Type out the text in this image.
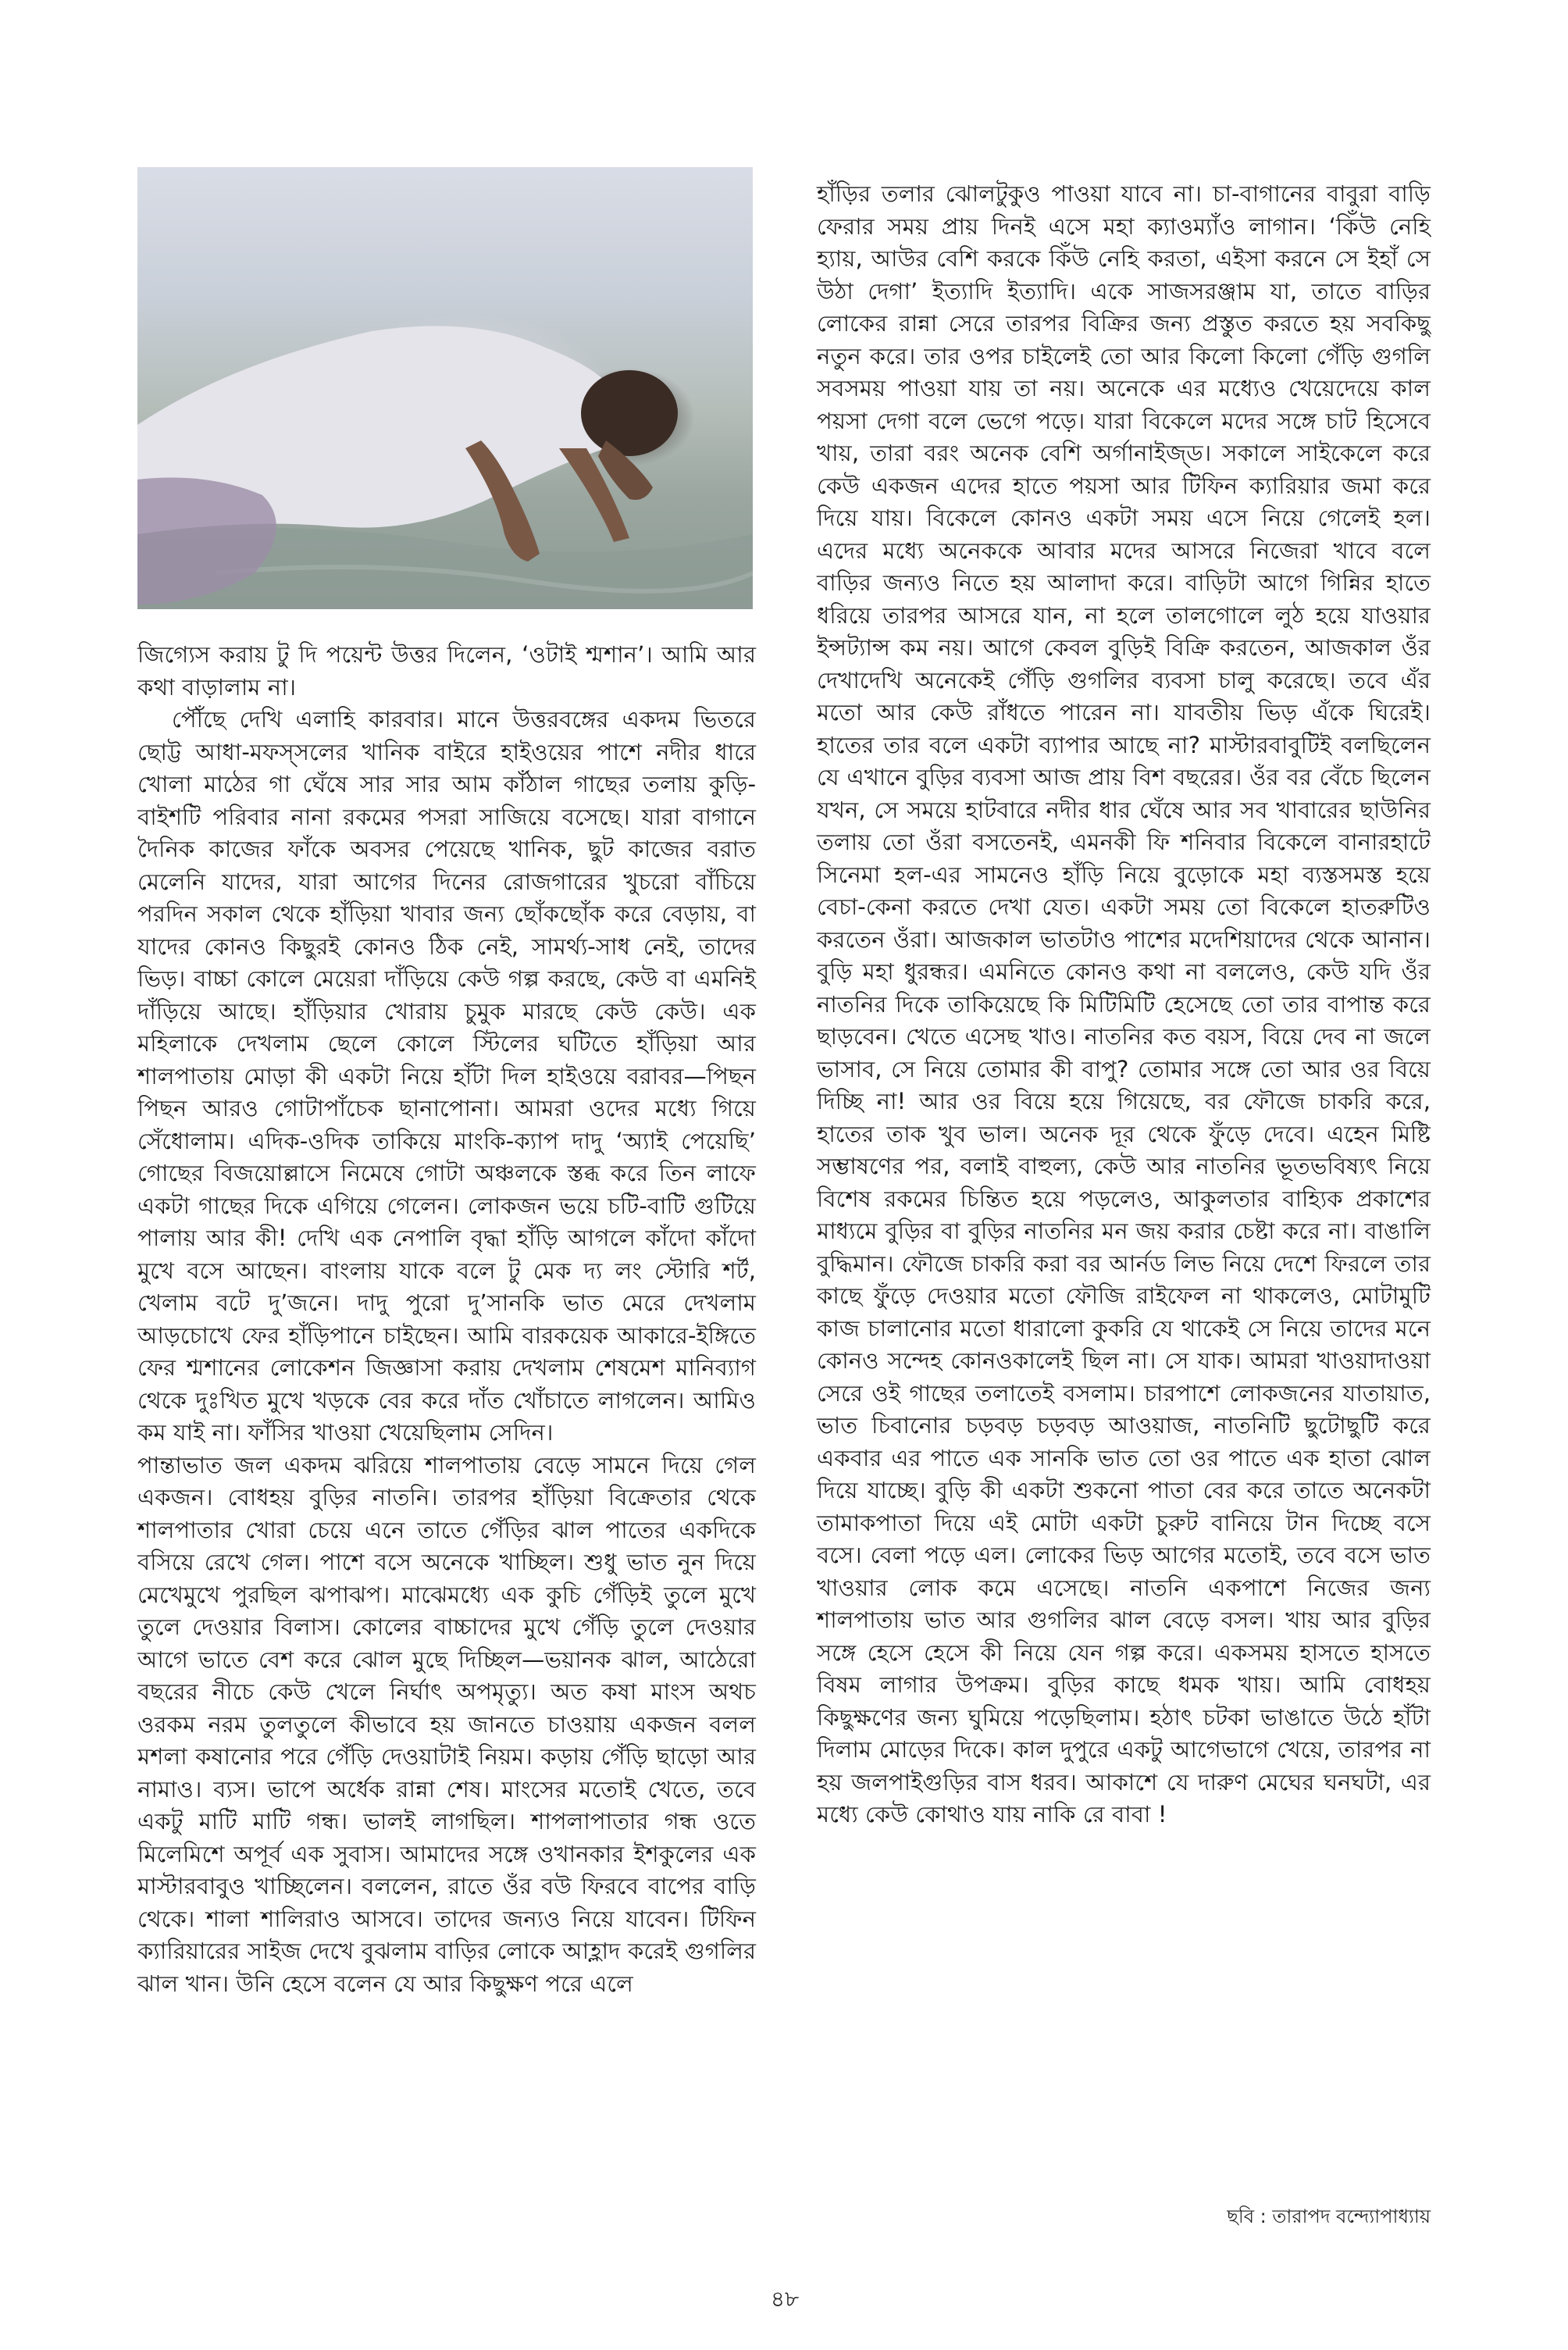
জিগ্যেস করায় টু দি পয়েন্ট উত্তর দিলেন, ‘ওটাই শ্মশান’। আমি আর কথা বাড়ালাম না।

পৌঁছে দেখি এলাহি কারবার। মানে উত্তরবঙ্গের একদম ভিতরে ছোট্ট আধা-মফস্সলের খানিক বাইরে হাইওয়ের পাশে নদীর ধারে খোলা মাঠের গা ঘেঁষে সার সার আম কাঁঠাল গাছের তলায় কুড়ি-বাইশটি পরিবার নানা রকমের পসরা সাজিয়ে বসেছে। যারা বাগানে দৈনিক কাজের ফাঁকে অবসর পেয়েছে খানিক, ছুট কাজের বরাত মেলেনি যাদের, যারা আগের দিনের রোজগারের খুচরো বাঁচিয়ে পরদিন সকাল থেকে হাঁড়িয়া খাবার জন্য ছোঁকছোঁক করে বেড়ায়, বা যাদের কোনও কিছুরই কোনও ঠিক নেই, সামর্থ্য-সাধ নেই, তাদের ভিড়। বাচ্চা কোলে মেয়েরা দাঁড়িয়ে কেউ গল্প করছে, কেউ বা এমনিই দাঁড়িয়ে আছে। হাঁড়িয়ার খোরায় চুমুক মারছে কেউ কেউ। এক মহিলাকে দেখলাম ছেলে কোলে স্টিলের ঘটিতে হাঁড়িয়া আর শালপাতায় মোড়া কী একটা নিয়ে হাঁটা দিল হাইওয়ে বরাবর—পিছন পিছন আরও গোটাপাঁচেক ছানাপোনা। আমরা ওদের মধ্যে গিয়ে সেঁধোলাম। এদিক-ওদিক তাকিয়ে মাংকি-ক্যাপ দাদু ‘অ্যাই পেয়েছি’ গোছের বিজয়োল্লাসে নিমেষে গোটা অঞ্চলকে স্তব্ধ করে তিন লাফে একটা গাছের দিকে এগিয়ে গেলেন। লোকজন ভয়ে চটি-বাটি গুটিয়ে পালায় আর কী! দেখি এক নেপালি বৃদ্ধা হাঁড়ি আগলে কাঁদো কাঁদো মুখে বসে আছেন। বাংলায় যাকে বলে টু মেক দ্য লং স্টোরি শর্ট, খেলাম বটে দু’জনে। দাদু পুরো দু’সানকি ভাত মেরে দেখলাম আড়চোখে ফের হাঁড়িপানে চাইছেন। আমি বারকয়েক আকারে-ইঙ্গিতে ফের শ্মশানের লোকেশন জিজ্ঞাসা করায় দেখলাম শেষমেশ মানিব্যাগ থেকে দুঃখিত মুখে খড়কে বের করে দাঁত খোঁচাতে লাগলেন। আমিও কম যাই না। ফাঁসির খাওয়া খেয়েছিলাম সেদিন।

পান্তাভাত জল একদম ঝরিয়ে শালপাতায় বেড়ে সামনে দিয়ে গেল একজন। বোধহয় বুড়ির নাতনি। তারপর হাঁড়িয়া বিক্রেতার থেকে শালপাতার খোরা চেয়ে এনে তাতে গেঁড়ির ঝাল পাতের একদিকে বসিয়ে রেখে গেল। পাশে বসে অনেকে খাচ্ছিল। শুধু ভাত নুন দিয়ে মেখেমুখে পুরছিল ঝপাঝপ। মাঝেমধ্যে এক কুচি গেঁড়িই তুলে মুখে তুলে দেওয়ার বিলাস। কোলের বাচ্চাদের মুখে গেঁড়ি তুলে দেওয়ার আগে ভাতে বেশ করে ঝোল মুছে দিচ্ছিল—ভয়ানক ঝাল, আঠেরো বছরের নীচে কেউ খেলে নির্ঘাৎ অপমৃত্যু। অত কষা মাংস অথচ ওরকম নরম তুলতুলে কীভাবে হয় জানতে চাওয়ায় একজন বলল মশলা কষানোর পরে গেঁড়ি দেওয়াটাই নিয়ম। কড়ায় গেঁড়ি ছাড়ো আর নামাও। ব্যস। ভাপে অর্ধেক রান্না শেষ। মাংসের মতোই খেতে, তবে একটু মাটি মাটি গন্ধ। ভালই লাগছিল। শাপলাপাতার গন্ধ ওতে মিলেমিশে অপূর্ব এক সুবাস। আমাদের সঙ্গে ওখানকার ইশকুলের এক মাস্টারবাবুও খাচ্ছিলেন। বললেন, রাতে ওঁর বউ ফিরবে বাপের বাড়ি থেকে। শালা শালিরাও আসবে। তাদের জন্যও নিয়ে যাবেন। টিফিন ক্যারিয়ারের সাইজ দেখে বুঝলাম বাড়ির লোকে আহ্লাদ করেই গুগলির ঝাল খান। উনি হেসে বলেন যে আর কিছুক্ষণ পরে এলে

হাঁড়ির তলার ঝোলটুকুও পাওয়া যাবে না। চা-বাগানের বাবুরা বাড়ি ফেরার সময় প্রায় দিনই এসে মহা ক্যাওম্যাঁও লাগান। ‘কিঁউ নেহি হ্যায়, আউর বেশি করকে কিঁউ নেহি করতা, এইসা করনে সে ইহাঁ সে উঠা দেগা’ ইত্যাদি ইত্যাদি। একে সাজসরঞ্জাম যা, তাতে বাড়ির লোকের রান্না সেরে তারপর বিক্রির জন্য প্রস্তুত করতে হয় সবকিছু নতুন করে। তার ওপর চাইলেই তো আর কিলো কিলো গেঁড়ি গুগলি সবসময় পাওয়া যায় তা নয়। অনেকে এর মধ্যেও খেয়েদেয়ে কাল পয়সা দেগা বলে ভেগে পড়ে। যারা বিকেলে মদের সঙ্গে চাট হিসেবে খায়, তারা বরং অনেক বেশি অর্গানাইজ্ড। সকালে সাইকেলে করে কেউ একজন এদের হাতে পয়সা আর টিফিন ক্যারিয়ার জমা করে দিয়ে যায়। বিকেলে কোনও একটা সময় এসে নিয়ে গেলেই হল। এদের মধ্যে অনেককে আবার মদের আসরে নিজেরা খাবে বলে বাড়ির জন্যও নিতে হয় আলাদা করে। বাড়িটা আগে গিন্নির হাতে ধরিয়ে তারপর আসরে যান, না হলে তালগোলে লুঠ হয়ে যাওয়ার ইন্সট্যান্স কম নয়। আগে কেবল বুড়িই বিক্রি করতেন, আজকাল ওঁর দেখাদেখি অনেকেই গেঁড়ি গুগলির ব্যবসা চালু করেছে। তবে এঁর মতো আর কেউ রাঁধতে পারেন না। যাবতীয় ভিড় এঁকে ঘিরেই। হাতের তার বলে একটা ব্যাপার আছে না? মাস্টারবাবুটিই বলছিলেন যে এখানে বুড়ির ব্যবসা আজ প্রায় বিশ বছরের। ওঁর বর বেঁচে ছিলেন যখন, সে সময়ে হাটবারে নদীর ধার ঘেঁষে আর সব খাবারের ছাউনির তলায় তো ওঁরা বসতেনই, এমনকী ফি শনিবার বিকেলে বানারহাটে সিনেমা হল-এর সামনেও হাঁড়ি নিয়ে বুড়োকে মহা ব্যস্তসমস্ত হয়ে বেচা-কেনা করতে দেখা যেত। একটা সময় তো বিকেলে হাতরুটিও করতেন ওঁরা। আজকাল ভাতটাও পাশের মদেশিয়াদের থেকে আনান। বুড়ি মহা ধুরন্ধর। এমনিতে কোনও কথা না বললেও, কেউ যদি ওঁর নাতনির দিকে তাকিয়েছে কি মিটিমিটি হেসেছে তো তার বাপান্ত করে ছাড়বেন। খেতে এসেছ খাও। নাতনির কত বয়স, বিয়ে দেব না জলে ভাসাব, সে নিয়ে তোমার কী বাপু? তোমার সঙ্গে তো আর ওর বিয়ে দিচ্ছি না! আর ওর বিয়ে হয়ে গিয়েছে, বর ফৌজে চাকরি করে, হাতের তাক খুব ভাল। অনেক দূর থেকে ফুঁড়ে দেবে। এহেন মিষ্টি সম্ভাষণের পর, বলাই বাহুল্য, কেউ আর নাতনির ভূতভবিষ্যৎ নিয়ে বিশেষ রকমের চিন্তিত হয়ে পড়লেও, আকুলতার বাহ্যিক প্রকাশের মাধ্যমে বুড়ির বা বুড়ির নাতনির মন জয় করার চেষ্টা করে না। বাঙালি বুদ্ধিমান। ফৌজে চাকরি করা বর আর্নড লিভ নিয়ে দেশে ফিরলে তার কাছে ফুঁড়ে দেওয়ার মতো ফৌজি রাইফেল না থাকলেও, মোটামুটি কাজ চালানোর মতো ধারালো কুকরি যে থাকেই সে নিয়ে তাদের মনে কোনও সন্দেহ কোনওকালেই ছিল না। সে যাক। আমরা খাওয়াদাওয়া সেরে ওই গাছের তলাতেই বসলাম। চারপাশে লোকজনের যাতায়াত, ভাত চিবানোর চড়বড় চড়বড় আওয়াজ, নাতনিটি ছুটোছুটি করে একবার এর পাতে এক সানকি ভাত তো ওর পাতে এক হাতা ঝোল দিয়ে যাচ্ছে। বুড়ি কী একটা শুকনো পাতা বের করে তাতে অনেকটা তামাকপাতা দিয়ে এই মোটা একটা চুরুট বানিয়ে টান দিচ্ছে বসে বসে। বেলা পড়ে এল। লোকের ভিড় আগের মতোই, তবে বসে ভাত খাওয়ার লোক কমে এসেছে। নাতনি একপাশে নিজের জন্য শালপাতায় ভাত আর গুগলির ঝাল বেড়ে বসল। খায় আর বুড়ির সঙ্গে হেসে হেসে কী নিয়ে যেন গল্প করে। একসময় হাসতে হাসতে বিষম লাগার উপক্রম। বুড়ির কাছে ধমক খায়। আমি বোধহয় কিছুক্ষণের জন্য ঘুমিয়ে পড়েছিলাম। হঠাৎ চটকা ভাঙাতে উঠে হাঁটা দিলাম মোড়ের দিকে। কাল দুপুরে একটু আগেভাগে খেয়ে, তারপর না হয় জলপাইগুড়ির বাস ধরব। আকাশে যে দারুণ মেঘের ঘনঘটা, এর মধ্যে কেউ কোথাও যায় নাকি রে বাবা !

ছবি : তারাপদ বন্দ্যোপাধ্যায়
৪৮
